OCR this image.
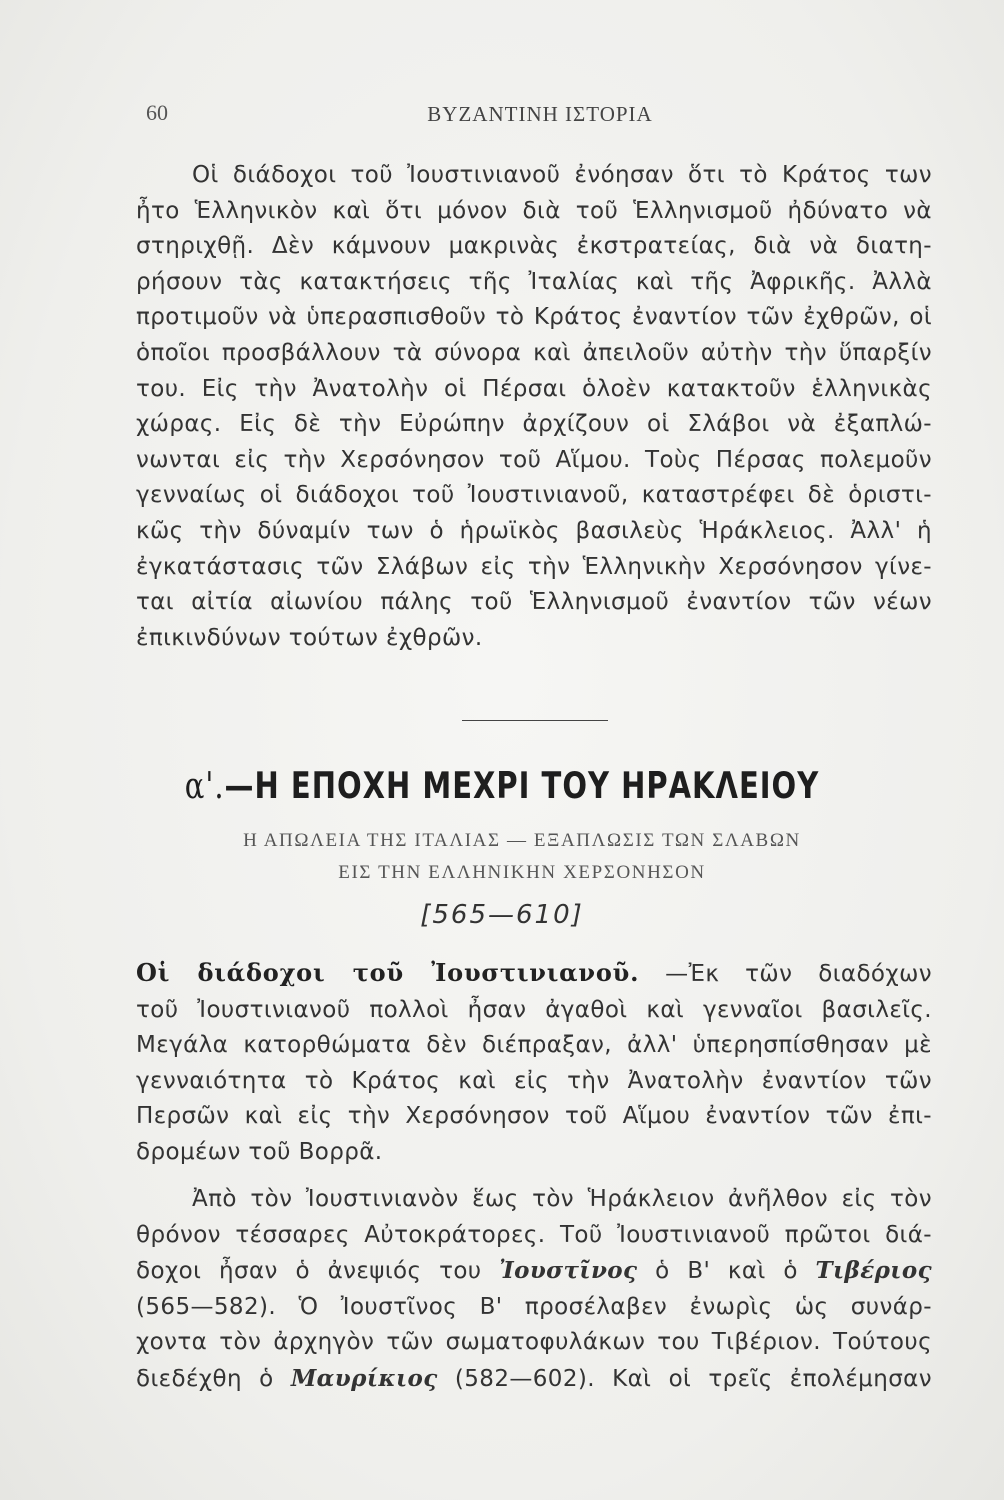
60	ΒΥΖΑΝΤΙΝΗ ΙΣΤΟΡΙΑ
Οἱ διάδοχοι τοῦ Ἰουστινιανοῦ ἐνόησαν ὅτι τὸ Κράτος των
ἦτο Ἑλληνικὸν καὶ ὅτι μόνον διὰ τοῦ Ἑλληνισμοῦ ἠδύνατο νὰ
στηριχθῇ. Δὲν κάμνουν μακρινὰς ἐκστρατείας, διὰ νὰ διατη-
ρήσουν τὰς κατακτήσεις τῆς Ἰταλίας καὶ τῆς Ἀφρικῆς. Ἀλλὰ
προτιμοῦν νὰ ὑπερασπισθοῦν τὸ Κράτος ἐναντίον τῶν ἐχθρῶν, οἱ
ὁποῖοι προσβάλλουν τὰ σύνορα καὶ ἀπειλοῦν αὐτὴν τὴν ὕπαρξίν
του. Εἰς τὴν Ἀνατολὴν οἱ Πέρσαι ὁλοὲν κατακτοῦν ἑλληνικὰς
χώρας. Εἰς δὲ τὴν Εὐρώπην ἀρχίζουν οἱ Σλάβοι νὰ ἐξαπλώ-
νωνται εἰς τὴν Χερσόνησον τοῦ Αἵμου. Τοὺς Πέρσας πολεμοῦν
γενναίως οἱ διάδοχοι τοῦ Ἰουστινιανοῦ, καταστρέφει δὲ ὁριστι-
κῶς τὴν δύναμίν των ὁ ἡρωϊκὸς βασιλεὺς Ἡράκλειος. Ἀλλ' ἡ
ἐγκατάστασις τῶν Σλάβων εἰς τὴν Ἑλληνικὴν Χερσόνησον γίνε-
ται αἰτία αἰωνίου πάλης τοῦ Ἑλληνισμοῦ ἐναντίον τῶν νέων
ἐπικινδύνων τούτων ἐχθρῶν.
α'.—Η ΕΠΟΧΗ ΜΕΧΡΙ ΤΟΥ ΗΡΑΚΛΕΙΟΥ
Η ΑΠΩΛΕΙΑ ΤΗΣ ΙΤΑΛΙΑΣ — ΕΞΑΠΛΩΣΙΣ ΤΩΝ ΣΛΑΒΩΝ
ΕΙΣ ΤΗΝ ΕΛΛΗΝΙΚΗΝ ΧΕΡΣΟΝΗΣΟΝ
[565—610]
Οἱ διάδοχοι τοῦ Ἰουστινιανοῦ. —Ἐκ τῶν διαδόχων
τοῦ Ἰουστινιανοῦ πολλοὶ ἦσαν ἀγαθοὶ καὶ γενναῖοι βασιλεῖς.
Μεγάλα κατορθώματα δὲν διέπραξαν, ἀλλ' ὑπερησπίσθησαν μὲ
γενναιότητα τὸ Κράτος καὶ εἰς τὴν Ἀνατολὴν ἐναντίον τῶν
Περσῶν καὶ εἰς τὴν Χερσόνησον τοῦ Αἵμου ἐναντίον τῶν ἐπι-
δρομέων τοῦ Βορρᾶ.
Ἀπὸ τὸν Ἰουστινιανὸν ἕως τὸν Ἡράκλειον ἀνῆλθον εἰς τὸν
θρόνον τέσσαρες Αὐτοκράτορες. Τοῦ Ἰουστινιανοῦ πρῶτοι διά-
δοχοι ἦσαν ὁ ἀνεψιός του Ἰουστῖνος ὁ Β' καὶ ὁ Τιβέριος
(565—582). Ὁ Ἰουστῖνος Β' προσέλαβεν ἐνωρὶς ὡς συνάρ-
χοντα τὸν ἀρχηγὸν τῶν σωματοφυλάκων του Τιβέριον. Τούτους
διεδέχθη ὁ Μαυρίκιος (582—602). Καὶ οἱ τρεῖς ἐπολέμησαν
